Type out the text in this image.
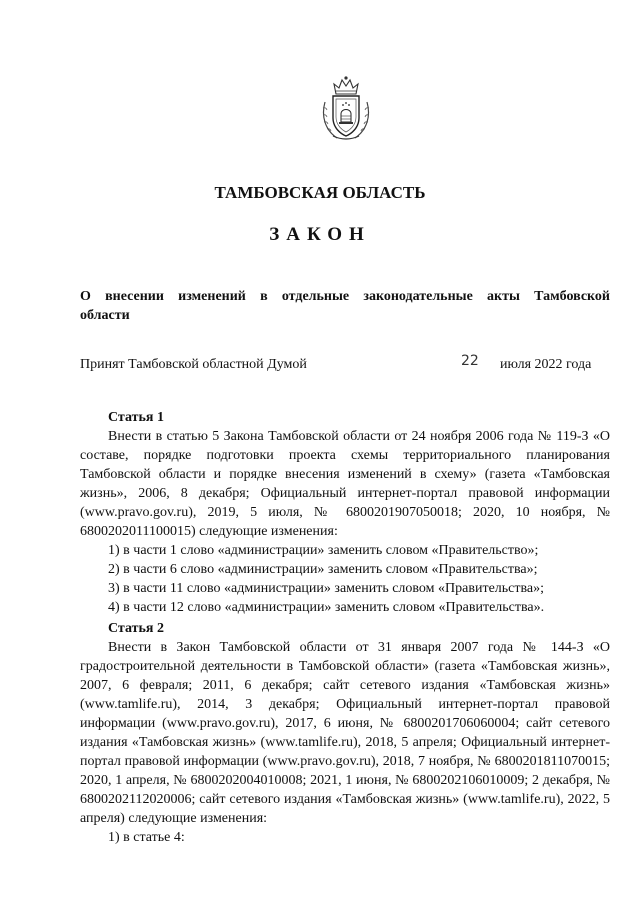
ТАМБОВСКАЯ ОБЛАСТЬ
ЗАКОН
О внесении изменений в отдельные законодательные акты Тамбовской области
Принят Тамбовской областной Думой	22 июля 2022 года
Статья 1

Внести в статью 5 Закона Тамбовской области от 24 ноября 2006 года № 119-З «О составе, порядке подготовки проекта схемы территориального планирования Тамбовской области и порядке внесения изменений в схему» (газета «Тамбовская жизнь», 2006, 8 декабря; Официальный интернет-портал правовой информации (www.pravo.gov.ru), 2019, 5 июля, № 6800201907050018; 2020, 10 ноября, № 6800202011100015) следующие изменения:

1) в части 1 слово «администрации» заменить словом «Правительство»;
2) в части 6 слово «администрации» заменить словом «Правительства»;
3) в части 11 слово «администрации» заменить словом «Правительства»;
4) в части 12 слово «администрации» заменить словом «Правительства».
Статья 2

Внести в Закон Тамбовской области от 31 января 2007 года № 144-З «О градостроительной деятельности в Тамбовской области» (газета «Тамбовская жизнь», 2007, 6 февраля; 2011, 6 декабря; сайт сетевого издания «Тамбовская жизнь» (www.tamlife.ru), 2014, 3 декабря; Официальный интернет-портал правовой информации (www.pravo.gov.ru), 2017, 6 июня, № 6800201706060004; сайт сетевого издания «Тамбовская жизнь» (www.tamlife.ru), 2018, 5 апреля; Официальный интернет-портал правовой информации (www.pravo.gov.ru), 2018, 7 ноября, № 6800201811070015; 2020, 1 апреля, № 6800202004010008; 2021, 1 июня, № 6800202106010009; 2 декабря, № 6800202112020006; сайт сетевого издания «Тамбовская жизнь» (www.tamlife.ru), 2022, 5 апреля) следующие изменения:

1) в статье 4:
